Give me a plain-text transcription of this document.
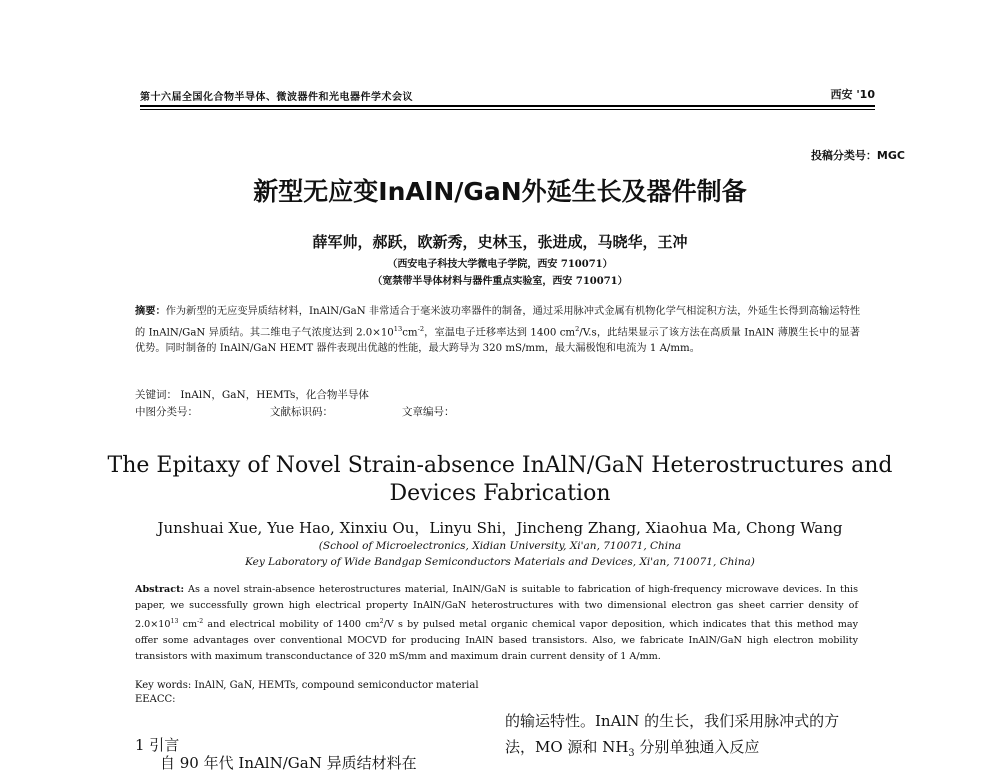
第十六届全国化合物半导体、微波器件和光电器件学术会议	西安 '10
投稿分类号：MGC
新型无应变InAlN/GaN外延生长及器件制备
薛军帅，郝跃，欧新秀，史林玉，张进成，马晓华，王冲
（西安电子科技大学微电子学院，西安 710071）
（宽禁带半导体材料与器件重点实验室，西安 710071）
摘要：作为新型的无应变异质结材料，InAlN/GaN 非常适合于毫米波功率器件的制备，通过采用脉冲式金属有机物化学气相淀积方法，外延生长得到高输运特性的 InAlN/GaN 异质结。其二维电子气浓度达到 $2.0\times 10^{13}cm^{-2}$，室温电子迁移率达到 1400 $cm^2/V.s$，此结果显示了该方法在高质量 InAlN 薄膜生长中的显著优势。同时制备的 InAlN/GaN HEMT 器件表现出优越的性能，最大跨导为 320 mS/mm，最大漏极饱和电流为 1 A/mm。
关键词： InAlN，GaN，HEMTs，化合物半导体
中图分类号：	文献标识码：	文章编号：
The Epitaxy of Novel Strain-absence InAlN/GaN Heterostructures and Devices Fabrication
Junshuai Xue, Yue Hao, Xinxiu Ou，Linyu Shi，Jincheng Zhang, Xiaohua Ma, Chong Wang
(School of Microelectronics, Xidian University, Xi'an, 710071, China
Key Laboratory of Wide Bandgap Semiconductors Materials and Devices, Xi'an, 710071, China)
Abstract: As a novel strain-absence heterostructures material, InAlN/GaN is suitable to fabrication of high-frequency microwave devices. In this paper, we successfully grown high electrical property InAlN/GaN heterostructures with two dimensional electron gas sheet carrier density of $2.0\times 10^{13}$ $cm^{-2}$ and electrical mobility of 1400 $cm^2/V$ s by pulsed metal organic chemical vapor deposition, which indicates that this method may offer some advantages over conventional MOCVD for producing InAlN based transistors. Also, we fabricate InAlN/GaN high electron mobility transistors with maximum transconductance of 320 mS/mm and maximum drain current density of 1 A/mm.
Key words: InAlN, GaN, HEMTs, compound semiconductor material
EEACC:
1 引言
的输运特性。InAlN 的生长，我们采用脉冲式的方法，MO 源和 $NH_3$ 分别单独通入反应
自 90 年代 InAlN/GaN 异质结材料在
